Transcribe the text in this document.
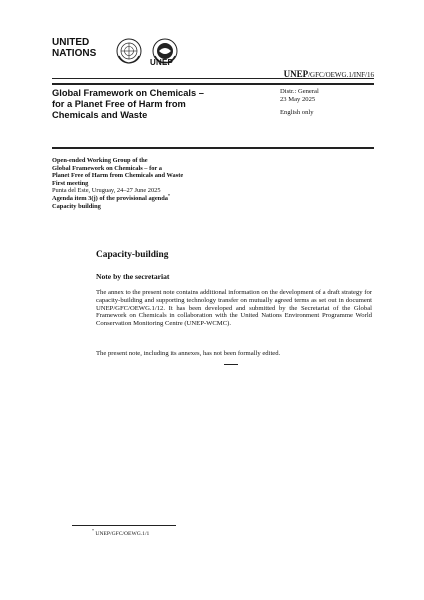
UNITED
NATIONS
UNEP
UNEP/GFC/OEWG.1/INF/16
Global Framework on Chemicals –
for a Planet Free of Harm from
Chemicals and Waste
Distr.: General
23 May 2025
English only
Open-ended Working Group of the
Global Framework on Chemicals – for a
Planet Free of Harm from Chemicals and Waste
First meeting
Punta del Este, Uruguay, 24–27 June 2025
Agenda item 3(j) of the provisional agenda*
Capacity building
Capacity-building
Note by the secretariat
The annex to the present note contains additional information on the development of a draft strategy for capacity-building and supporting technology transfer on mutually agreed terms as set out in document UNEP/GFC/OEWG.1/12. It has been developed and submitted by the Secretariat of the Global Framework on Chemicals in collaboration with the United Nations Environment Programme World Conservation Monitoring Centre (UNEP-WCMC).
The present note, including its annexes, has not been formally edited.
* UNEP/GFC/OEWG.1/1
